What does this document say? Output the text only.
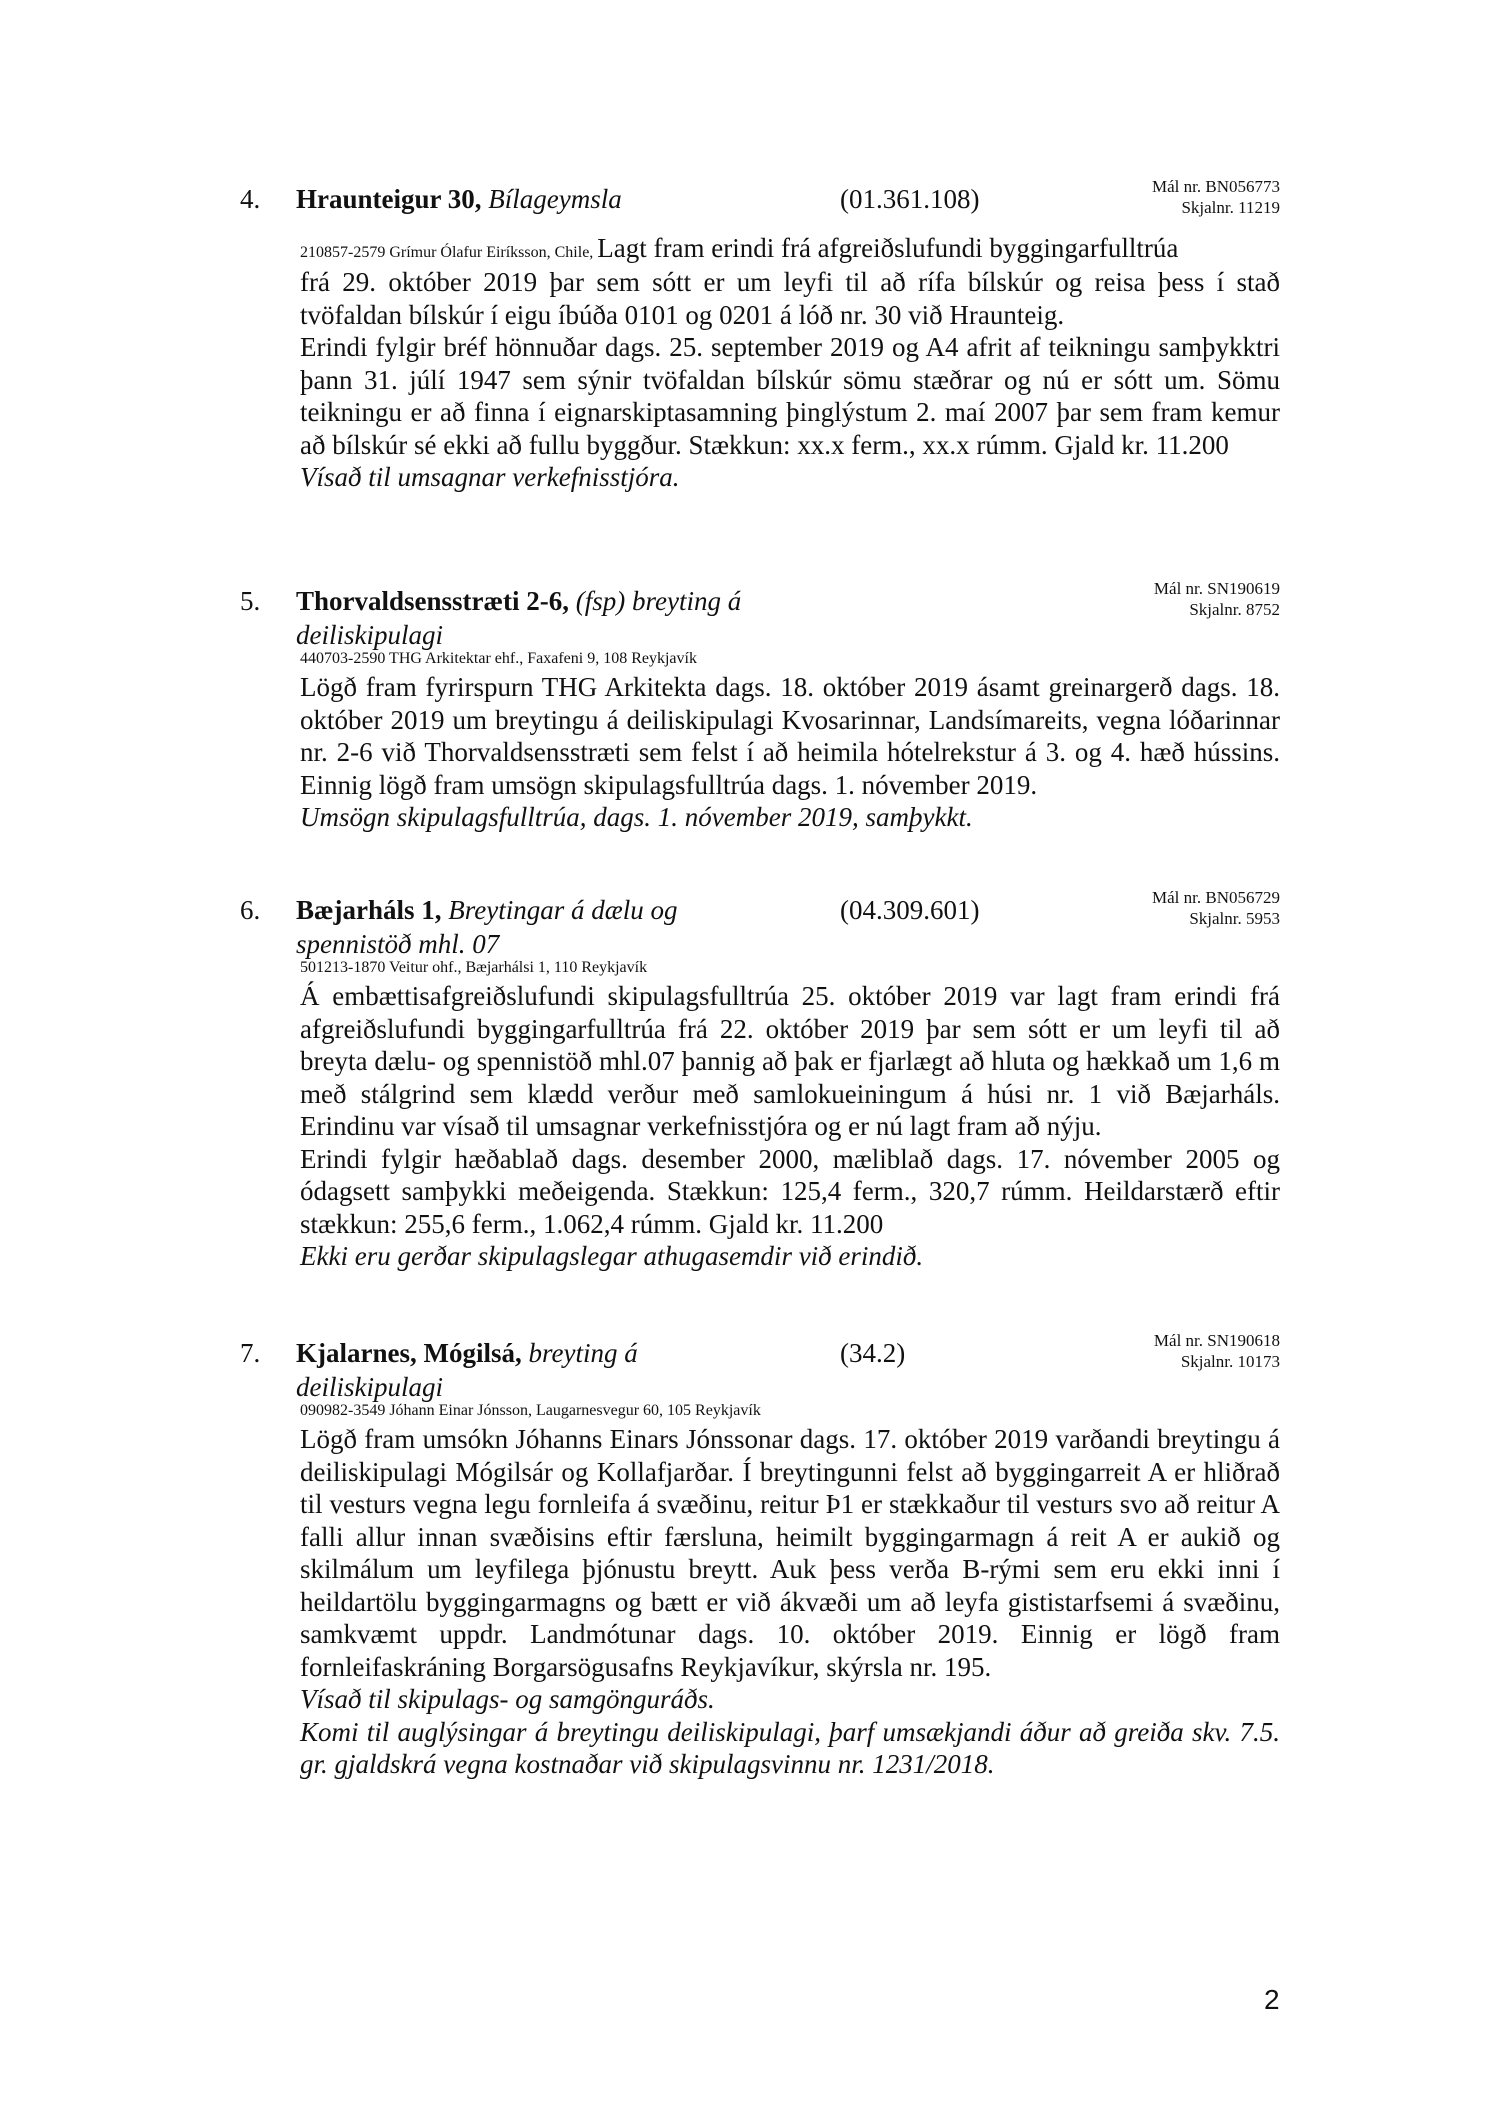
4.	Hraunteigur 30, Bílageymsla	(01.361.108)	Mál nr. BN056773
Skjalnr. 11219
210857-2579 Grímur Ólafur Eiríksson, Chile, Lagt fram erindi frá afgreiðslufundi byggingarfulltrúa

frá 29. október 2019 þar sem sótt er um leyfi til að rífa bílskúr og reisa þess í stað tvöfaldan bílskúr í eigu íbúða 0101 og 0201 á lóð nr. 30 við Hraunteig.

Erindi fylgir bréf hönnuðar dags. 25. september 2019 og A4 afrit af teikningu samþykktri þann 31. júlí 1947 sem sýnir tvöfaldan bílskúr sömu stæðrar og nú er sótt um. Sömu teikningu er að finna í eignarskiptasamning þinglýstum 2. maí 2007 þar sem fram kemur að bílskúr sé ekki að fullu byggður. Stækkun: xx.x ferm., xx.x rúmm. Gjald kr. 11.200

Vísað til umsagnar verkefnisstjóra.

5.	Thorvaldsensstræti 2-6, (fsp) breyting á
deiliskipulagi
Mál nr. SN190619
Skjalnr. 8752
440703-2590 THG Arkitektar ehf., Faxafeni 9, 108 Reykjavík

Lögð fram fyrirspurn THG Arkitekta dags. 18. október 2019 ásamt greinargerð dags. 18. október 2019 um breytingu á deiliskipulagi Kvosarinnar, Landsímareits, vegna lóðarinnar nr. 2-6 við Thorvaldsensstræti sem felst í að heimila hótelrekstur á 3. og 4. hæð hússins. Einnig lögð fram umsögn skipulagsfulltrúa dags. 1. nóvember 2019.

Umsögn skipulagsfulltrúa, dags. 1. nóvember 2019, samþykkt.

6.	Bæjarháls 1, Breytingar á dælu og
spennistöð mhl. 07
(04.309.601)	Mál nr. BN056729
Skjalnr. 5953
501213-1870 Veitur ohf., Bæjarhálsi 1, 110 Reykjavík

Á embættisafgreiðslufundi skipulagsfulltrúa 25. október 2019 var lagt fram erindi frá afgreiðslufundi byggingarfulltrúa frá 22. október 2019 þar sem sótt er um leyfi til að breyta dælu- og spennistöð mhl.07 þannig að þak er fjarlægt að hluta og hækkað um 1,6 m með stálgrind sem klædd verður með samlokueiningum á húsi nr. 1 við Bæjarháls. Erindinu var vísað til umsagnar verkefnisstjóra og er nú lagt fram að nýju.

Erindi fylgir hæðablað dags. desember 2000, mæliblað dags. 17. nóvember 2005 og ódagsett samþykki meðeigenda. Stækkun: 125,4 ferm., 320,7 rúmm. Heildarstærð eftir stækkun: 255,6 ferm., 1.062,4 rúmm. Gjald kr. 11.200

Ekki eru gerðar skipulagslegar athugasemdir við erindið.

7.	Kjalarnes, Mógilsá, breyting á
deiliskipulagi
(34.2)	Mál nr. SN190618
Skjalnr. 10173
090982-3549 Jóhann Einar Jónsson, Laugarnesvegur 60, 105 Reykjavík

Lögð fram umsókn Jóhanns Einars Jónssonar dags. 17. október 2019 varðandi breytingu á deiliskipulagi Mógilsár og Kollafjarðar. Í breytingunni felst að byggingarreit A er hliðrað til vesturs vegna legu fornleifa á svæðinu, reitur Þ1 er stækkaður til vesturs svo að reitur A falli allur innan svæðisins eftir færsluna, heimilt byggingarmagn á reit A er aukið og skilmálum um leyfilega þjónustu breytt. Auk þess verða B-rými sem eru ekki inni í heildartölu byggingarmagns og bætt er við ákvæði um að leyfa gististarfsemi á svæðinu, samkvæmt uppdr. Landmótunar dags. 10. október 2019. Einnig er lögð fram fornleifaskráning Borgarsögusafns Reykjavíkur, skýrsla nr. 195.

Vísað til skipulags- og samgönguráðs.

Komi til auglýsingar á breytingu deiliskipulagi, þarf umsækjandi áður að greiða skv. 7.5. gr. gjaldskrá vegna kostnaðar við skipulagsvinnu nr. 1231/2018.

2
